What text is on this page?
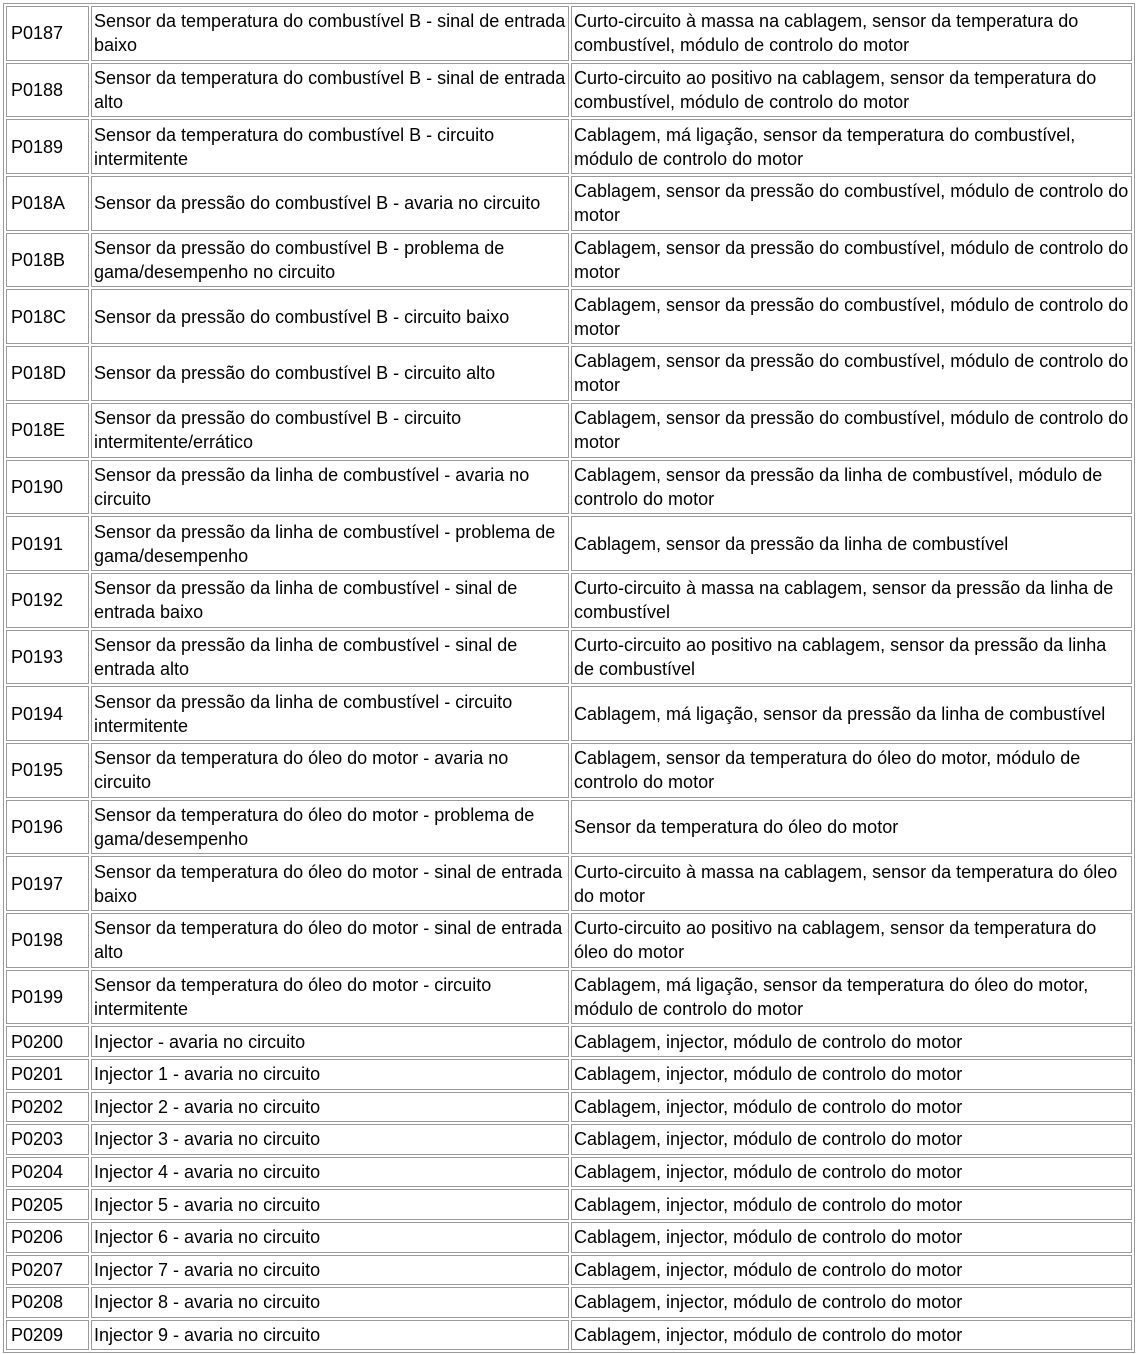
P0187	Sensor da temperatura do combustível B - sinal de entrada baixo	Curto-circuito à massa na cablagem, sensor da temperatura do combustível, módulo de controlo do motor
P0188	Sensor da temperatura do combustível B - sinal de entrada alto	Curto-circuito ao positivo na cablagem, sensor da temperatura do combustível, módulo de controlo do motor
P0189	Sensor da temperatura do combustível B - circuito intermitente	Cablagem, má ligação, sensor da temperatura do combustível, módulo de controlo do motor
P018A	Sensor da pressão do combustível B - avaria no circuito	Cablagem, sensor da pressão do combustível, módulo de controlo do motor
P018B	Sensor da pressão do combustível B - problema de gama/desempenho no circuito	Cablagem, sensor da pressão do combustível, módulo de controlo do motor
P018C	Sensor da pressão do combustível B - circuito baixo	Cablagem, sensor da pressão do combustível, módulo de controlo do motor
P018D	Sensor da pressão do combustível B - circuito alto	Cablagem, sensor da pressão do combustível, módulo de controlo do motor
P018E	Sensor da pressão do combustível B - circuito intermitente/errático	Cablagem, sensor da pressão do combustível, módulo de controlo do motor
P0190	Sensor da pressão da linha de combustível - avaria no circuito	Cablagem, sensor da pressão da linha de combustível, módulo de controlo do motor
P0191	Sensor da pressão da linha de combustível - problema de gama/desempenho	Cablagem, sensor da pressão da linha de combustível
P0192	Sensor da pressão da linha de combustível - sinal de entrada baixo	Curto-circuito à massa na cablagem, sensor da pressão da linha de combustível
P0193	Sensor da pressão da linha de combustível - sinal de entrada alto	Curto-circuito ao positivo na cablagem, sensor da pressão da linha de combustível
P0194	Sensor da pressão da linha de combustível - circuito intermitente	Cablagem, má ligação, sensor da pressão da linha de combustível
P0195	Sensor da temperatura do óleo do motor - avaria no circuito	Cablagem, sensor da temperatura do óleo do motor, módulo de controlo do motor
P0196	Sensor da temperatura do óleo do motor - problema de gama/desempenho	Sensor da temperatura do óleo do motor
P0197	Sensor da temperatura do óleo do motor - sinal de entrada baixo	Curto-circuito à massa na cablagem, sensor da temperatura do óleo do motor
P0198	Sensor da temperatura do óleo do motor - sinal de entrada alto	Curto-circuito ao positivo na cablagem, sensor da temperatura do óleo do motor
P0199	Sensor da temperatura do óleo do motor - circuito intermitente	Cablagem, má ligação, sensor da temperatura do óleo do motor, módulo de controlo do motor
P0200	Injector - avaria no circuito	Cablagem, injector, módulo de controlo do motor
P0201	Injector 1 - avaria no circuito	Cablagem, injector, módulo de controlo do motor
P0202	Injector 2 - avaria no circuito	Cablagem, injector, módulo de controlo do motor
P0203	Injector 3 - avaria no circuito	Cablagem, injector, módulo de controlo do motor
P0204	Injector 4 - avaria no circuito	Cablagem, injector, módulo de controlo do motor
P0205	Injector 5 - avaria no circuito	Cablagem, injector, módulo de controlo do motor
P0206	Injector 6 - avaria no circuito	Cablagem, injector, módulo de controlo do motor
P0207	Injector 7 - avaria no circuito	Cablagem, injector, módulo de controlo do motor
P0208	Injector 8 - avaria no circuito	Cablagem, injector, módulo de controlo do motor
P0209	Injector 9 - avaria no circuito	Cablagem, injector, módulo de controlo do motor
